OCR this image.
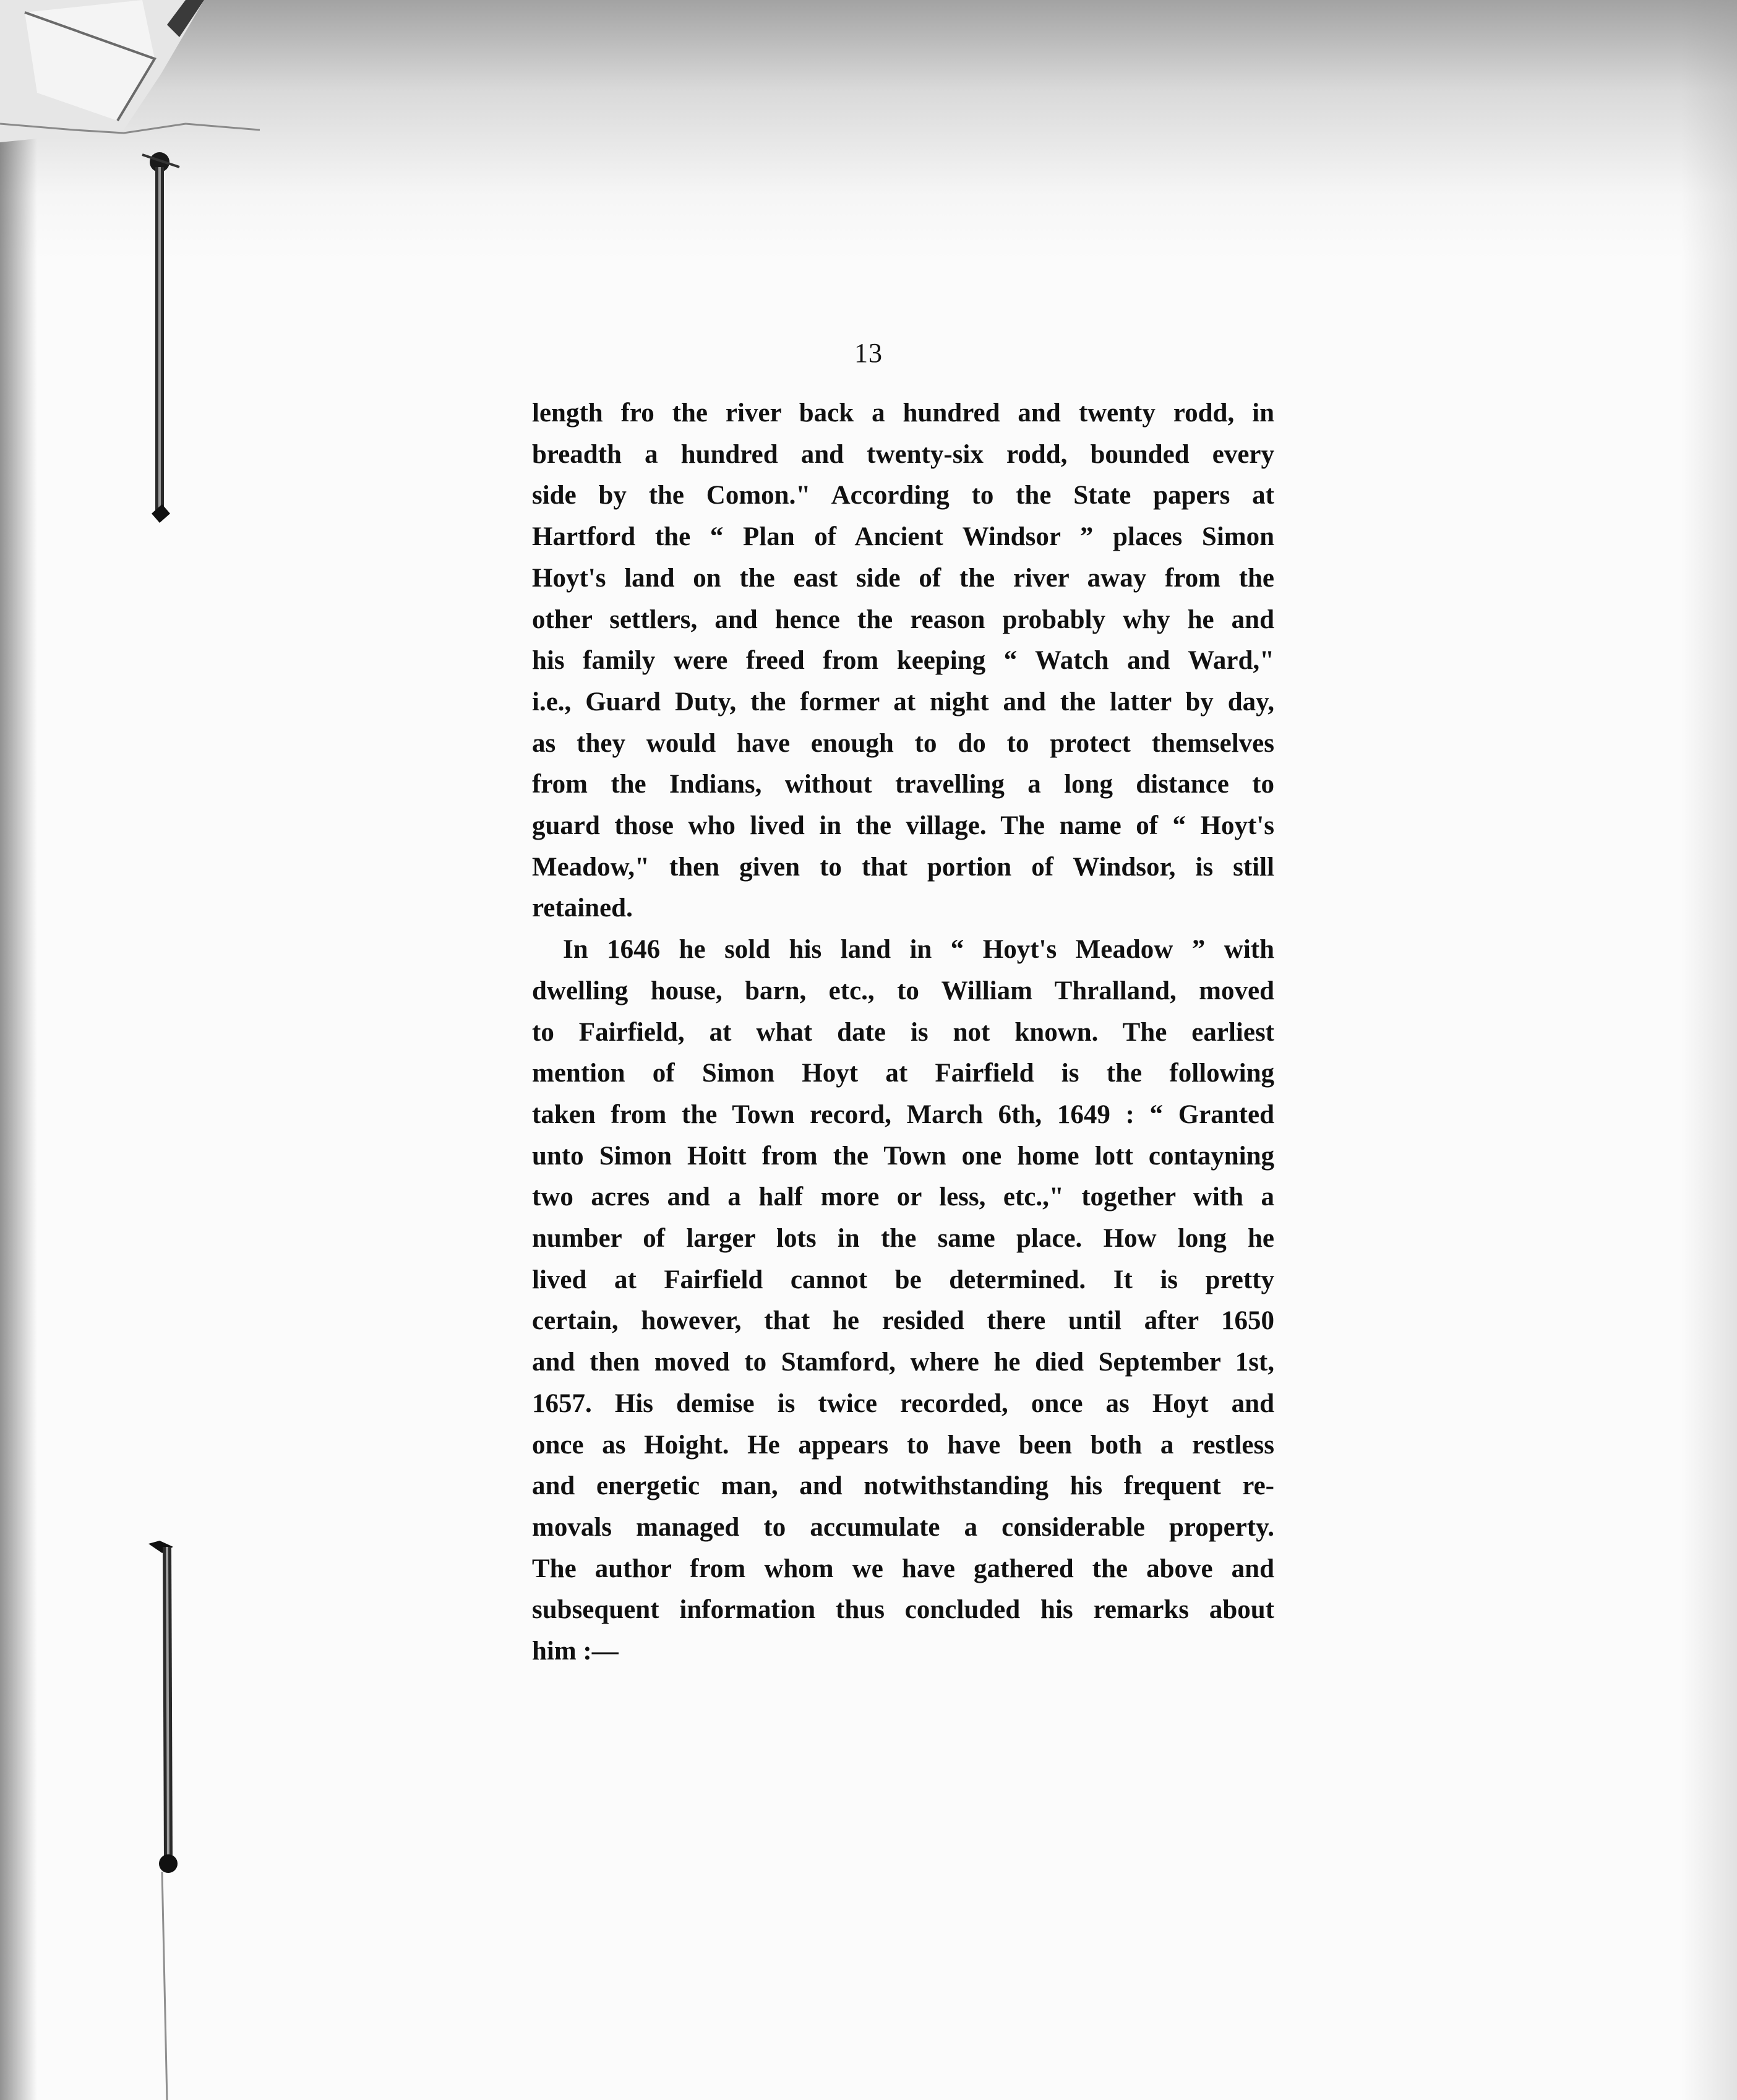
13
length fro the river back a hundred and twenty rodd, in
breadth a hundred and twenty-six rodd, bounded every
side by the Comon." According to the State papers at
Hartford the “ Plan of Ancient Windsor ” places Simon
Hoyt's land on the east side of the river away from the
other settlers, and hence the reason probably why he and
his family were freed from keeping “ Watch and Ward,"
i.e., Guard Duty, the former at night and the latter by day,
as they would have enough to do to protect themselves
from the Indians, without travelling a long distance to
guard those who lived in the village. The name of “ Hoyt's
Meadow," then given to that portion of Windsor, is still
retained.
In 1646 he sold his land in “ Hoyt's Meadow ” with
dwelling house, barn, etc., to William Thralland, moved
to Fairfield, at what date is not known. The earliest
mention of Simon Hoyt at Fairfield is the following
taken from the Town record, March 6th, 1649 : “ Granted
unto Simon Hoitt from the Town one home lott contayning
two acres and a half more or less, etc.," together with a
number of larger lots in the same place. How long he
lived at Fairfield cannot be determined. It is pretty
certain, however, that he resided there until after 1650
and then moved to Stamford, where he died September 1st,
1657. His demise is twice recorded, once as Hoyt and
once as Hoight. He appears to have been both a restless
and energetic man, and notwithstanding his frequent re-
movals managed to accumulate a considerable property.
The author from whom we have gathered the above and
subsequent information thus concluded his remarks about
him :—
